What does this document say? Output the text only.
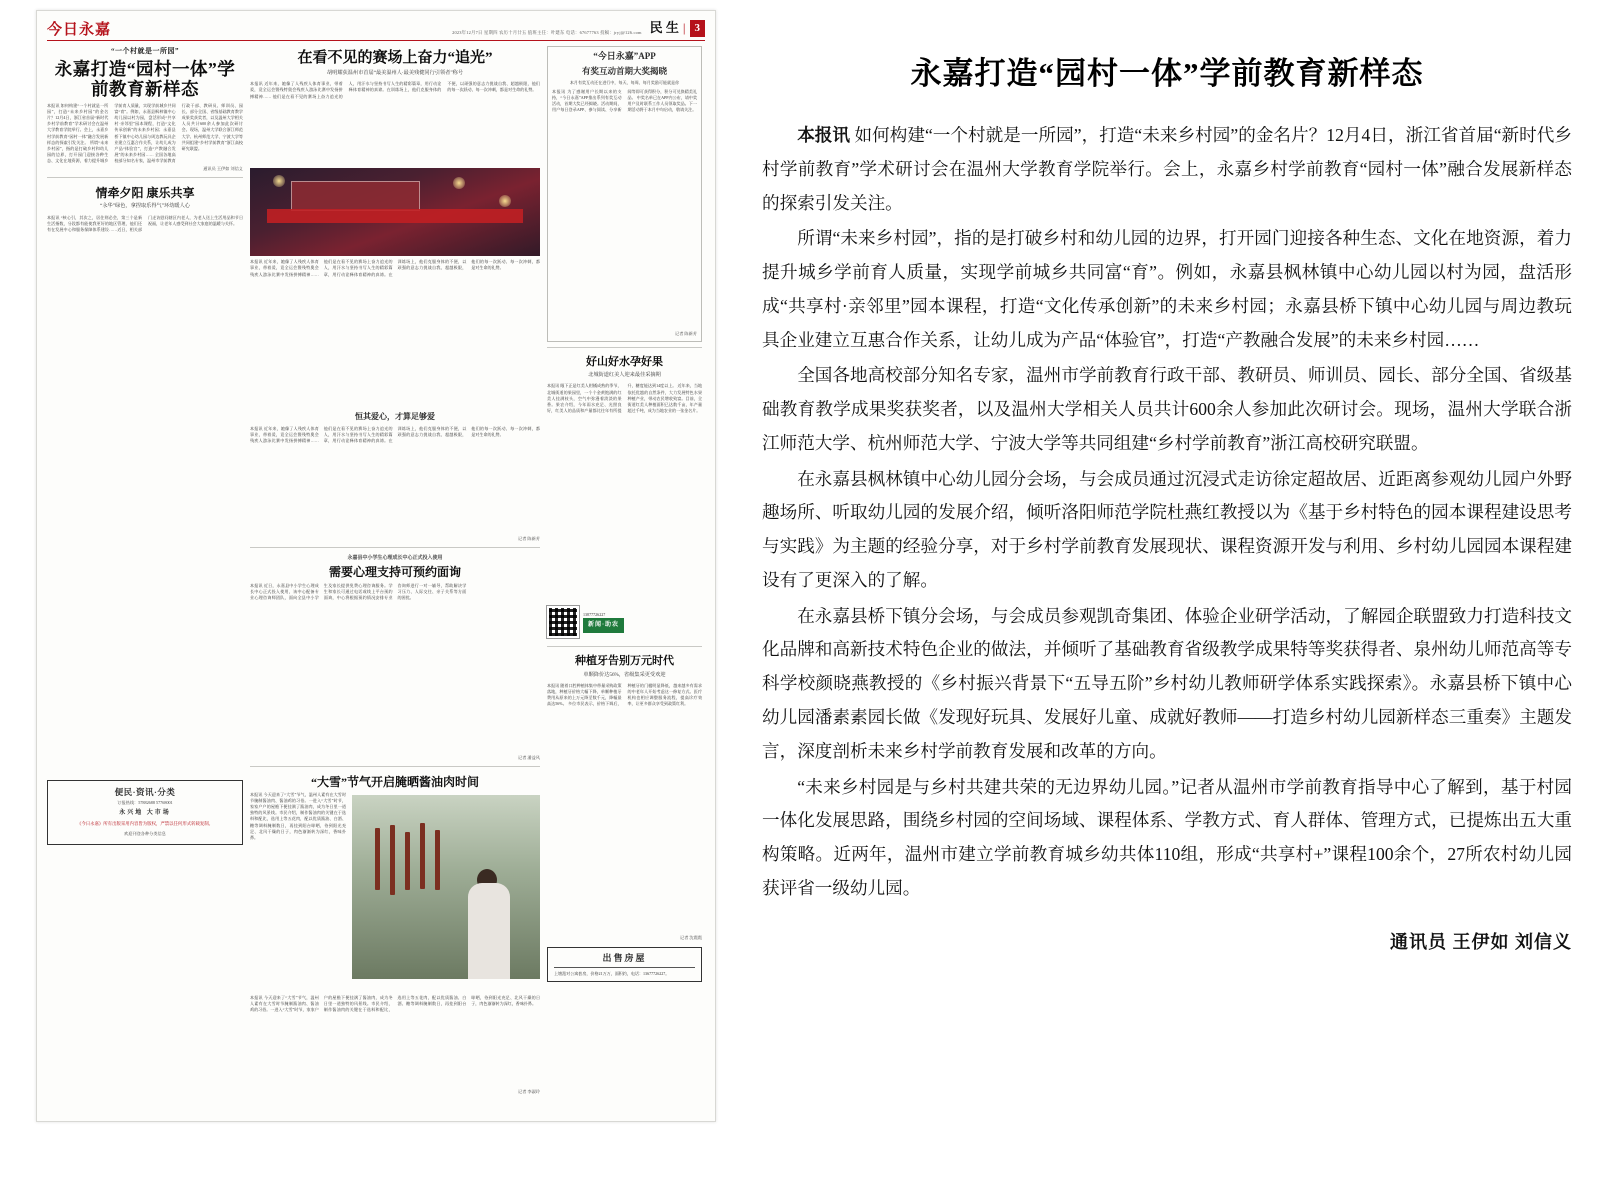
今日永嘉	2023年12月7日 星期四 农历十月廿五 值班主任：叶建东 电话：67677763 投稿：jryj@126.com 民 生 | 3
“一个村就是一所园”
永嘉打造“园村一体”学前教育新样态
本报讯 如何构建“一个村就是一所园”，打造“未来乡村园”的金名片？12月4日，浙江省首届“新时代乡村学前教育”学术研讨会在温州大学教育学院举行。会上，永嘉乡村学前教育“园村一体”融合发展新样态的探索引发关注。 所谓“未来乡村园”，指的是打破乡村和幼儿园的边界，打开园门迎接各种生态、文化在地资源，着力提升城乡学前育人质量，实现学前城乡共同富“育”。例如，永嘉县枫林镇中心幼儿园以村为园，盘活形成“共享村·亲邻里”园本课程，打造“文化传承创新”的未来乡村园；永嘉县桥下镇中心幼儿园与周边教玩具企业建立互惠合作关系，让幼儿成为产品“体验官”，打造“产教融合发展”的未来乡村园…… 全国各地高校部分知名专家，温州市学前教育行政干部、教研员、师训员、园长、部分全国、省级基础教育教学成果奖获奖者，以及温州大学相关人员共计600余人参加此次研讨会。现场，温州大学联合浙江师范大学、杭州师范大学、宁波大学等共同组建“乡村学前教育”浙江高校研究联盟。
通讯员 王伊如 刘信义
情牵夕阳 康乐共享
“永华”绿色，拿捏取乐得气”环幼暖人心
本报讯 “核心引，其次之，居住则必会，第三个是新生活指数，分段都有能使我更好的地区管理，他们还有在发展中心和服务保障体系建设……近日，相关部门走访慰问辖区内老人，为老人送上生活用品和节日祝福，让老年人感受到社会大家庭的温暖与关怀。
便民·资讯·分类
订报热线：57882688 57768001
永兴地 大市场
《今日永嘉》所有出版采用内容皆为版权，严禁以任何形式转载复制。
欢迎刊登各种分类信息
在看不见的赛场上奋力“追光”
胡明耀获温州市首届“最美温州人·最美残健同行引领者”称号
本报讯 近年来，她像了人残疾人体育事业，带着爱，竟全运会暨残特奥会残疾人游泳比赛中发扬拼搏精神…… 他们是在看不见的赛场上奋力追光的人，用汗水与坚持书写人生的精彩篇章，用行动诠释体育精神的真谛。在训练场上，他们克服身体的不便，以顽强的意志力挑战自我、超越极限，他们的每一次跃动、每一次冲刺，都是对生命的礼赞。
本报讯 近年来，她像了人残疾人体育事业，带着爱，竟全运会暨残特奥会残疾人游泳比赛中发扬拼搏精神…… 他们是在看不见的赛场上奋力追光的人，用汗水与坚持书写人生的精彩篇章，用行动诠释体育精神的真谛。在训练场上，他们克服身体的不便，以顽强的意志力挑战自我、超越极限，他们的每一次跃动、每一次冲刺，都是对生命的礼赞。
恒其爱心，才算足够爱
本报讯 近年来，她像了人残疾人体育事业，带着爱，竟全运会暨残特奥会残疾人游泳比赛中发扬拼搏精神…… 他们是在看不见的赛场上奋力追光的人，用汗水与坚持书写人生的精彩篇章，用行动诠释体育精神的真谛。在训练场上，他们克服身体的不便，以顽强的意志力挑战自我、超越极限，他们的每一次跃动、每一次冲刺，都是对生命的礼赞。
记者 陈新芳
永嘉县中小学生心理成长中心正式投入使用
需要心理支持可预约面询
本报讯 近日，永嘉县中小学生心理成长中心正式投入使用，该中心配备专业心理咨询师团队，面向全县中小学生及家长提供免费心理咨询服务。学生和家长可通过电话或线上平台预约面询，中心将根据预约情况安排专业咨询师进行一对一辅导，帮助解决学习压力、人际交往、亲子关系等方面的困扰。
记者 潘益风
“大雪”节气开启腌晒酱油肉时间
本报讯 今天迎来了“大雪”节气，温州人素有在大雪时节腌制酱油肉、酱油鸡的习俗。一进入“大雪”时节，家家户户的屋檐下便挂满了酱油肉，成为冬日里一道独特的风景线。市民介绍，制作酱油肉的关键在于选料和配比，选用上等五花肉，配以优质酱油、白酒、糖等调料腌制数日，再挂到阳台晾晒，待到阳光充足、北风干燥的日子，肉色渐渐转为深红，香味扑鼻。
本报讯 今天迎来了“大雪”节气，温州人素有在大雪时节腌制酱油肉、酱油鸡的习俗。一进入“大雪”时节，家家户户的屋檐下便挂满了酱油肉，成为冬日里一道独特的风景线。市民介绍，制作酱油肉的关键在于选料和配比，选用上等五花肉，配以优质酱油、白酒、糖等调料腌制数日，再挂到阳台晾晒，待到阳光充足、北风干燥的日子，肉色渐渐转为深红，香味扑鼻。
记者 李淑玲
“今日永嘉”APP
有奖互动首期大奖揭晓
本月有奖互动还在进行中，每天、每周、每月奖励可能就是你
本报讯 为了感谢用户长期以来的支持，“今日永嘉”APP推出系列有奖互动活动，首期大奖已经揭晓。活动期间，用户每日登录APP、参与阅读、分享新闻等即可获得积分，积分可兑换精美礼品。 中奖名单已在APP内公布，请中奖用户及时联系工作人员领取奖品。下一期活动将于本月中旬启动，敬请关注。
记者 陈新芳
好山好水孕好果
北城街道红美人迎来最佳采摘期
本报讯 眼下正是红美人柑橘成熟的季节，北城街道的果园里，一个个金黄饱满的红美人挂满枝头，空气中弥漫着淡淡的果香。果农介绍，今年雨水充足、光照良好，红美人的品质和产量都比往年有所提升，糖度能达到14度以上。 近年来，当地依托优越的自然条件，大力发展特色水果种植产业，带动农民增收致富。目前，全街道红美人种植面积已达数千亩，年产量超过千吨，成为当地农业的一张金名片。
13877726227
新闻·助农
种植牙告别万元时代
单颗降价达56%，省级集采更受欢迎
本报讯 随着口腔种植体集中带量采购政策落地，种植牙价格大幅下降，单颗种植牙费用从原来的上万元降至数千元，降幅最高达56%。 多位市民表示，价格下调后，种植牙的门槛明显降低，越来越多有需求的中老年人开始考虑这一修复方式。医疗机构也相应调整服务流程，提高诊疗效率，让更多群众享受到政策红利。
记者 沈霞霞
出售房屋
上塘派对公寓套房，价格21万万，面积约，电话：13677726227。
永嘉打造“园村一体”学前教育新样态

本报讯 如何构建“一个村就是一所园”，打造“未来乡村园”的金名片？12月4日，浙江省首届“新时代乡村学前教育”学术研讨会在温州大学教育学院举行。会上，永嘉乡村学前教育“园村一体”融合发展新样态的探索引发关注。

所谓“未来乡村园”，指的是打破乡村和幼儿园的边界，打开园门迎接各种生态、文化在地资源，着力提升城乡学前育人质量，实现学前城乡共同富“育”。例如，永嘉县枫林镇中心幼儿园以村为园，盘活形成“共享村·亲邻里”园本课程，打造“文化传承创新”的未来乡村园；永嘉县桥下镇中心幼儿园与周边教玩具企业建立互惠合作关系，让幼儿成为产品“体验官”，打造“产教融合发展”的未来乡村园……

全国各地高校部分知名专家，温州市学前教育行政干部、教研员、师训员、园长、部分全国、省级基础教育教学成果奖获奖者，以及温州大学相关人员共计600余人参加此次研讨会。现场，温州大学联合浙江师范大学、杭州师范大学、宁波大学等共同组建“乡村学前教育”浙江高校研究联盟。

在永嘉县枫林镇中心幼儿园分会场，与会成员通过沉浸式走访徐定超故居、近距离参观幼儿园户外野趣场所、听取幼儿园的发展介绍，倾听洛阳师范学院杜燕红教授以为《基于乡村特色的园本课程建设思考与实践》为主题的经验分享，对于乡村学前教育发展现状、课程资源开发与利用、乡村幼儿园园本课程建设有了更深入的了解。

在永嘉县桥下镇分会场，与会成员参观凯奇集团、体验企业研学活动，了解园企联盟致力打造科技文化品牌和高新技术特色企业的做法，并倾听了基础教育省级教学成果特等奖获得者、泉州幼儿师范高等专科学校颜晓燕教授的《乡村振兴背景下“五导五阶”乡村幼儿教师研学体系实践探索》。永嘉县桥下镇中心幼儿园潘素素园长做《发现好玩具、发展好儿童、成就好教师——打造乡村幼儿园新样态三重奏》主题发言，深度剖析未来乡村学前教育发展和改革的方向。

“未来乡村园是与乡村共建共荣的无边界幼儿园。”记者从温州市学前教育指导中心了解到，基于村园一体化发展思路，围绕乡村园的空间场域、课程体系、学教方式、育人群体、管理方式，已提炼出五大重构策略。近两年，温州市建立学前教育城乡幼共体110组，形成“共享村+”课程100余个，27所农村幼儿园获评省一级幼儿园。

通讯员 王伊如 刘信义
